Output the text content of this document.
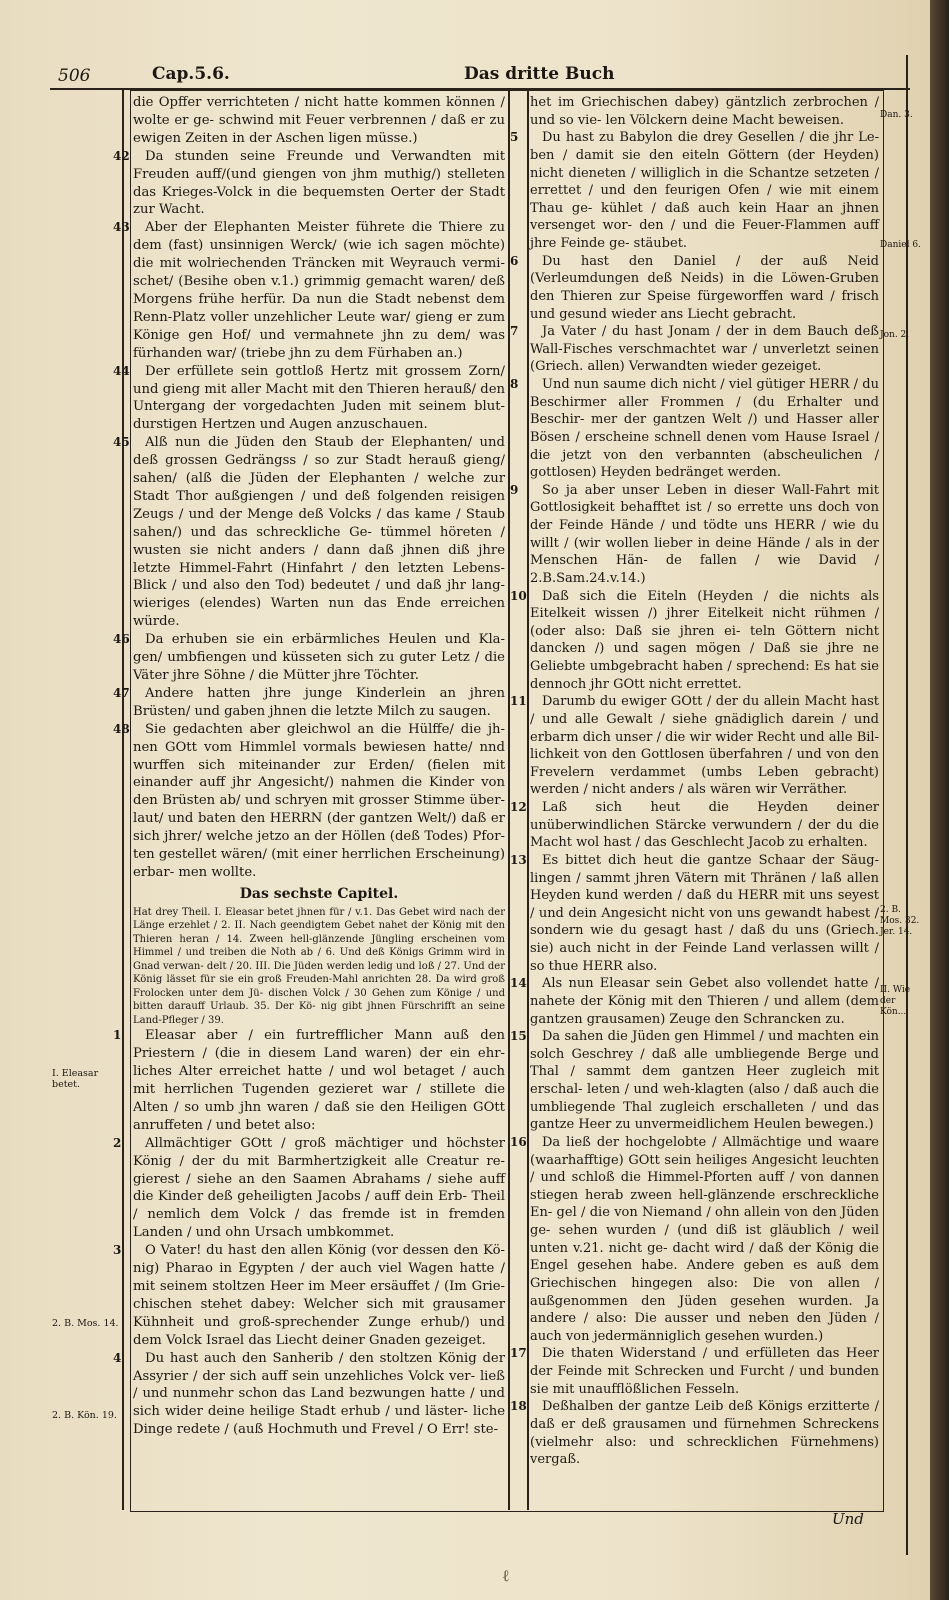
506	Cap.5.6.	Das dritte Buch

die Opffer verrichteten / nicht hatte kommen können / wolte er ge- schwind mit Feuer verbrennen / daß er zu ewigen Zeiten in der Aschen ligen müsse.)

42	Da stunden seine Freunde und Verwandten mit Freuden auff/(und giengen von jhm muthig/) stelleten das Krieges-Volck in die bequemsten Oerter der Stadt zur Wacht.

43	Aber der Elephanten Meister führete die Thiere zu dem (fast) unsinnigen Werck/ (wie ich sagen möchte) die mit wolriechenden Träncken mit Weyrauch vermi- schet/ (Besihe oben v.1.) grimmig gemacht waren/ deß Morgens frühe herfür. Da nun die Stadt nebenst dem Renn-Platz voller unzehlicher Leute war/ gieng er zum Könige gen Hof/ und vermahnete jhn zu dem/ was fürhanden war/ (triebe jhn zu dem Fürhaben an.)

44	Der erfüllete sein gottloß Hertz mit grossem Zorn/ und gieng mit aller Macht mit den Thieren herauß/ den Untergang der vorgedachten Juden mit seinem blut-durstigen Hertzen und Augen anzuschauen.

45	Alß nun die Jüden den Staub der Elephanten/ und deß grossen Gedrängss / so zur Stadt herauß gieng/ sahen/ (alß die Jüden der Elephanten / welche zur Stadt Thor außgiengen / und deß folgenden reisigen Zeugs / und der Menge deß Volcks / das kame / Staub sahen/) und das schreckliche Ge- tümmel höreten / wusten sie nicht anders / dann daß jhnen diß jhre letzte Himmel-Fahrt (Hinfahrt / den letzten Lebens-Blick / und also den Tod) bedeutet / und daß jhr lang- wieriges (elendes) Warten nun das Ende erreichen würde.

46	Da erhuben sie ein erbärmliches Heulen und Kla- gen/ umbfiengen und küsseten sich zu guter Letz / die Väter jhre Söhne / die Mütter jhre Töchter.

47	Andere hatten jhre junge Kinderlein an jhren Brüsten/ und gaben jhnen die letzte Milch zu saugen.

48	Sie gedachten aber gleichwol an die Hülffe/ die jh- nen GOtt vom Himmlel vormals bewiesen hatte/ nnd wurffen sich miteinander zur Erden/ (fielen mit einander auff jhr Angesicht/) nahmen die Kinder von den Brüsten ab/ und schryen mit grosser Stimme über- laut/ und baten den HERRN (der gantzen Welt/) daß er sich jhrer/ welche jetzo an der Höllen (deß Todes) Pfor- ten gestellet wären/ (mit einer herrlichen Erscheinung) erbar- men wollte.

Das sechste Capitel.

Hat drey Theil. I. Eleasar betet jhnen für / v.1. Das Gebet wird nach der Länge erzehlet / 2. II. Nach geendigtem Gebet nahet der König mit den Thieren heran / 14. Zween hell-glänzende Jüngling erscheinen vom Himmel / und treiben die Noth ab / 6. Und deß Königs Grimm wird in Gnad verwan- delt / 20. III. Die Jüden werden ledig und loß / 27. Und der König lässet für sie ein groß Freuden-Mahl anrichten 28. Da wird groß Frolocken unter dem Jü- dischen Volck / 30 Gehen zum Könige / und bitten darauff Urlaub. 35. Der Kö- nig gibt jhnen Fürschrifft an seine Land-Pfleger / 39.

1	Eleasar aber / ein furtrefflicher Mann auß den Priestern / (die in diesem Land waren) der ein ehr- liches Alter erreichet hatte / und wol betaget / auch mit herrlichen Tugenden gezieret war / stillete die Alten / so umb jhn waren / daß sie den Heiligen GOtt anruffeten / und betet also:

2	Allmächtiger GOtt / groß mächtiger und höchster König / der du mit Barmhertzigkeit alle Creatur re- gierest / siehe an den Saamen Abrahams / siehe auff die Kinder deß geheiligten Jacobs / auff dein Erb- Theil / nemlich dem Volck / das fremde ist in fremden Landen / und ohn Ursach umbkommet.

3	O Vater! du hast den allen König (vor dessen den Kö- nig) Pharao in Egypten / der auch viel Wagen hatte / mit seinem stoltzen Heer im Meer ersäuffet / (Im Grie- chischen stehet dabey: Welcher sich mit grausamer Kühnheit und groß-sprechender Zunge erhub/) und dem Volck Israel das Liecht deiner Gnaden gezeiget.

4	Du hast auch den Sanherib / den stoltzen König der Assyrier / der sich auff sein unzehliches Volck ver- ließ / und nunmehr schon das Land bezwungen hatte / und sich wider deine heilige Stadt erhub / und läster- liche Dinge redete / (auß Hochmuth und Frevel / O Err! ste-

het im Griechischen dabey) gäntzlich zerbrochen / und so vie- len Völckern deine Macht beweisen.

5	Du hast zu Babylon die drey Gesellen / die jhr Le- ben / damit sie den eiteln Göttern (der Heyden) nicht dieneten / williglich in die Schantze setzeten / errettet / und den feurigen Ofen / wie mit einem Thau ge- kühlet / daß auch kein Haar an jhnen versenget wor- den / und die Feuer-Flammen auff jhre Feinde ge- stäubet.

6	Du hast den Daniel / der auß Neid (Verleumdungen deß Neids) in die Löwen-Gruben den Thieren zur Speise fürgeworffen ward / frisch und gesund wieder ans Liecht gebracht.

7	Ja Vater / du hast Jonam / der in dem Bauch deß Wall-Fisches verschmachtet war / unverletzt seinen (Griech. allen) Verwandten wieder gezeiget.

8	Und nun saume dich nicht / viel gütiger HERR / du Beschirmer aller Frommen / (du Erhalter und Beschir- mer der gantzen Welt /) und Hasser aller Bösen / erscheine schnell denen vom Hause Israel / die jetzt von den verbannten (abscheulichen / gottlosen) Heyden bedränget werden.

9	So ja aber unser Leben in dieser Wall-Fahrt mit Gottlosigkeit behafftet ist / so errette uns doch von der Feinde Hände / und tödte uns HERR / wie du willt / (wir wollen lieber in deine Hände / als in der Menschen Hän- de fallen / wie David / 2.B.Sam.24.v.14.)

10	Daß sich die Eiteln (Heyden / die nichts als Eitelkeit wissen /) jhrer Eitelkeit nicht rühmen / (oder also: Daß sie jhren ei- teln Göttern nicht dancken /) und sagen mögen / Daß sie jhre ne Geliebte umbgebracht haben / sprechend: Es hat sie dennoch jhr GOtt nicht errettet.

11	Darumb du ewiger GOtt / der du allein Macht hast / und alle Gewalt / siehe gnädiglich darein / und erbarm dich unser / die wir wider Recht und alle Bil- lichkeit von den Gottlosen überfahren / und von den Frevelern verdammet (umbs Leben gebracht) werden / nicht anders / als wären wir Verräther.

12	Laß sich heut die Heyden deiner unüberwindlichen Stärcke verwundern / der du die Macht wol hast / das Geschlecht Jacob zu erhalten.

13	Es bittet dich heut die gantze Schaar der Säug- lingen / sammt jhren Vätern mit Thränen / laß allen Heyden kund werden / daß du HERR mit uns seyest / und dein Angesicht nicht von uns gewandt habest / sondern wie du gesagt hast / daß du uns (Griech. sie) auch nicht in der Feinde Land verlassen willt / so thue HERR also.

14	Als nun Eleasar sein Gebet also vollendet hatte / nahete der König mit den Thieren / und allem (dem gantzen grausamen) Zeuge den Schrancken zu.

15	Da sahen die Jüden gen Himmel / und machten ein solch Geschrey / daß alle umbliegende Berge und Thal / sammt dem gantzen Heer zugleich mit erschal- leten / und weh-klagten (also / daß auch die umbliegende Thal zugleich erschalleten / und das gantze Heer zu unvermeidlichem Heulen bewegen.)

16	Da ließ der hochgelobte / Allmächtige und waare (waarhafftige) GOtt sein heiliges Angesicht leuchten / und schloß die Himmel-Pforten auff / von dannen stiegen herab zween hell-glänzende erschreckliche En- gel / die von Niemand / ohn allein von den Jüden ge- sehen wurden / (und diß ist gläublich / weil unten v.21. nicht ge- dacht wird / daß der König die Engel gesehen habe. Andere geben es auß dem Griechischen hingegen also: Die von allen / außgenommen den Jüden gesehen wurden. Ja andere / also: Die ausser und neben den Jüden / auch von jedermänniglich gesehen wurden.)

17	Die thaten Widerstand / und erfülleten das Heer der Feinde mit Schrecken und Furcht / und bunden sie mit unaufflößlichen Fesseln.

18	Deßhalben der gantze Leib deß Königs erzitterte / daß er deß grausamen und fürnehmen Schreckens (vielmehr also: und schrecklichen Fürnehmens) vergaß.

I. Eleasar betet.
2. B. Mos. 14.
2. B. Kön. 19.
Dan. 3.
Daniel 6.
Jon. 2.
2. B. Mos. 32. Jer. 14.
II. Wie der Kön...
Und
ℓ
